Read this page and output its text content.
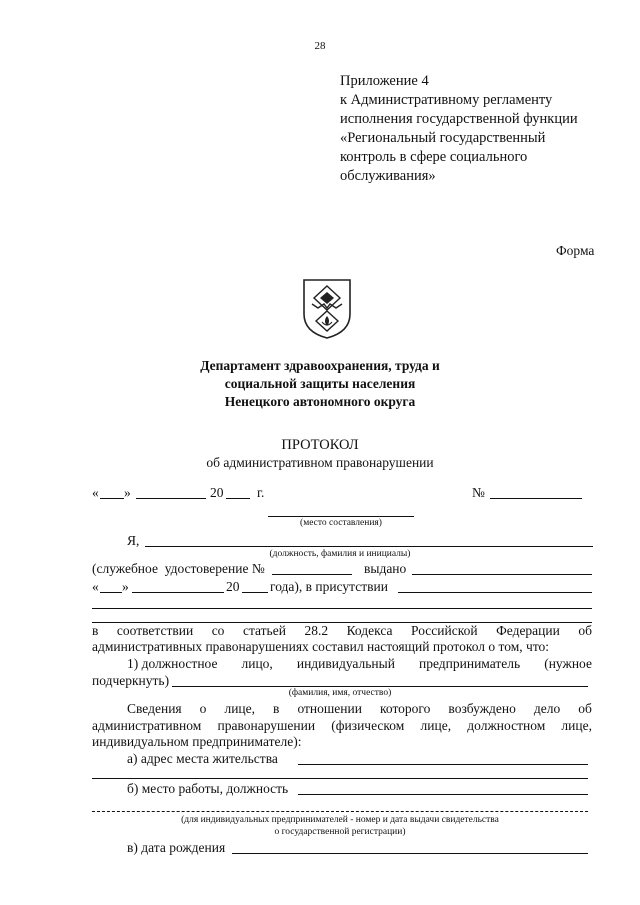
28
Приложение 4
к Административному регламенту
исполнения государственной функции
«Региональный государственный
контроль в сфере социального
обслуживания»
Форма
Департамент здравоохранения, труда и
социальной защиты населения
Ненецкого автономного округа
ПРОТОКОЛ
об административном правонарушении
« »	20 г.	№
(место составления)
Я,
(должность, фамилия и инициалы)
(служебное  удостоверение №	выдано
« »	20 года), в присутствии
в соответствии со статьей 28.2 Кодекса Российской Федерации об
административных правонарушениях составил настоящий протокол о том, что:
1) должностное лицо, индивидуальный предприниматель (нужное
подчеркнуть)
(фамилия, имя, отчество)
Сведения о лице, в отношении которого возбуждено дело об
административном правонарушении (физическом лице, должностном лице,
индивидуальном предпринимателе):
а) адрес места жительства
б) место работы, должность
(для индивидуальных предпринимателей - номер и дата выдачи свидетельства
о государственной регистрации)
в) дата рождения
